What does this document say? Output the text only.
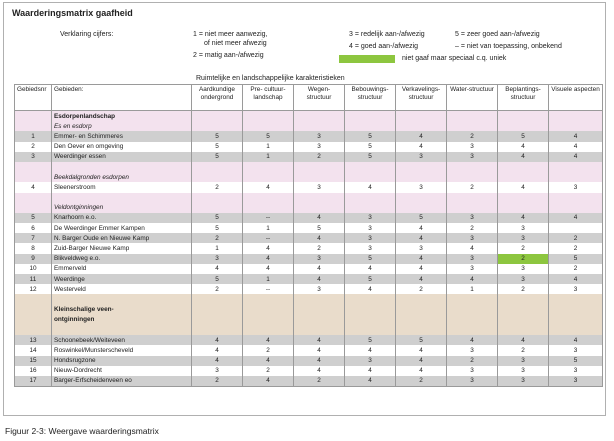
Waarderingsmatrix gaafheid
Verklaring cijfers:	1 = niet meer aanwezig,
of niet meer afwezig
2 = matig aan-/afwezig
3 = redelijk aan-/afwezig
4 = goed aan-/afwezig
5 = zeer goed aan-/afwezig
– = niet van toepassing, onbekend
niet gaaf maar speciaal c.q. uniek
Ruimtelijke en landschappelijke karakteristieken
Gebiedsnr	Gebieden:	Aardkundige ondergrond	Pre- cultuur-landschap	Wegen-structuur	Bebouwings-structuur	Verkavelings-structuur	Water-structuur	Beplantings-structuur	Visuele aspecten
	Esdorpenlandschap								
	Es en esdorp								
1	Emmer- en Schimmeres	5	5	3	5	4	2	5	4
2	Den Oever en omgeving	5	1	3	5	4	3	4	4
3	Weerdinger essen	5	1	2	5	3	3	4	4

	Beekdalgronden esdorpen								
4	Sleenerstroom	2	4	3	4	3	2	4	3

	Veldontginningen								
5	Knarhoorn e.o.	5	--	4	3	5	3	4	4
6	De Weerdinger Emmer Kampen	5	1	5	3	4	2	3	
7	N. Barger Oude en Nieuwe Kamp	2	--	4	3	4	3	3	2
8	Zuid-Barger Nieuwe Kamp	1	4	2	3	3	4	2	2
9	Blikveldweg e.o.	3	4	3	5	4	3	2	5
10	Emmerveld	4	4	4	4	4	3	3	2
11	Weerdinge	5	1	4	5	4	4	3	4
12	Westerveld	2	--	3	4	2	1	2	3

	Kleinschalige veen-								
	ontginningen								

13	Schoonebeek/Weiteveen	4	4	4	5	5	4	4	4
14	Roswinkel/Munsterscheveld	4	2	4	4	4	3	2	3
15	Hondsrugzone	4	4	4	3	4	2	3	5
16	Nieuw-Dordrecht	3	2	4	4	4	3	3	3
17	Barger-Erfscheidenveen eo	2	4	2	4	2	3	3	3
Figuur 2-3: Weergave waarderingsmatrix
